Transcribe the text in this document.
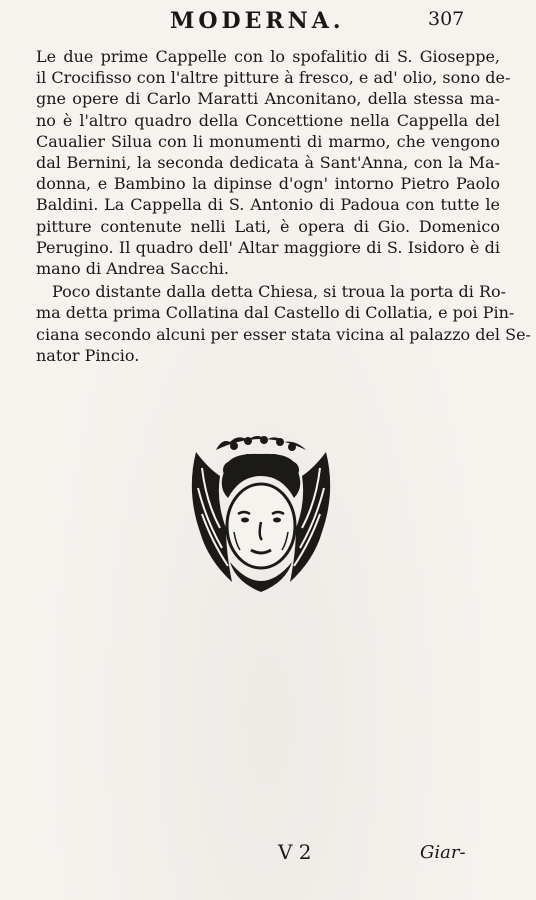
MODERNA.	307

Le due prime Cappelle con lo spofalitio di S. Gioseppe,
il Crocifisso con l'altre pitture à fresco, e ad' olio, sono de-
gne opere di Carlo Maratti Anconitano, della stessa ma-
no è l'altro quadro della Concettione nella Cappella del
Caualier Silua con li monumenti di marmo, che vengono
dal Bernini, la seconda dedicata à Sant'Anna, con la Ma-
donna, e Bambino la dipinse d'ogn' intorno Pietro Paolo
Baldini. La Cappella di S. Antonio di Padoua con tutte le
pitture contenute nelli Lati, è opera di Gio. Domenico
Perugino. Il quadro dell' Altar maggiore di S. Isidoro è di
mano di Andrea Sacchi.

Poco distante dalla detta Chiesa, si troua la porta di Ro-
ma detta prima Collatina dal Castello di Collatia, e poi Pin-
ciana secondo alcuni per esser stata vicina al palazzo del Se-
nator Pincio.

V 2	Giar-
